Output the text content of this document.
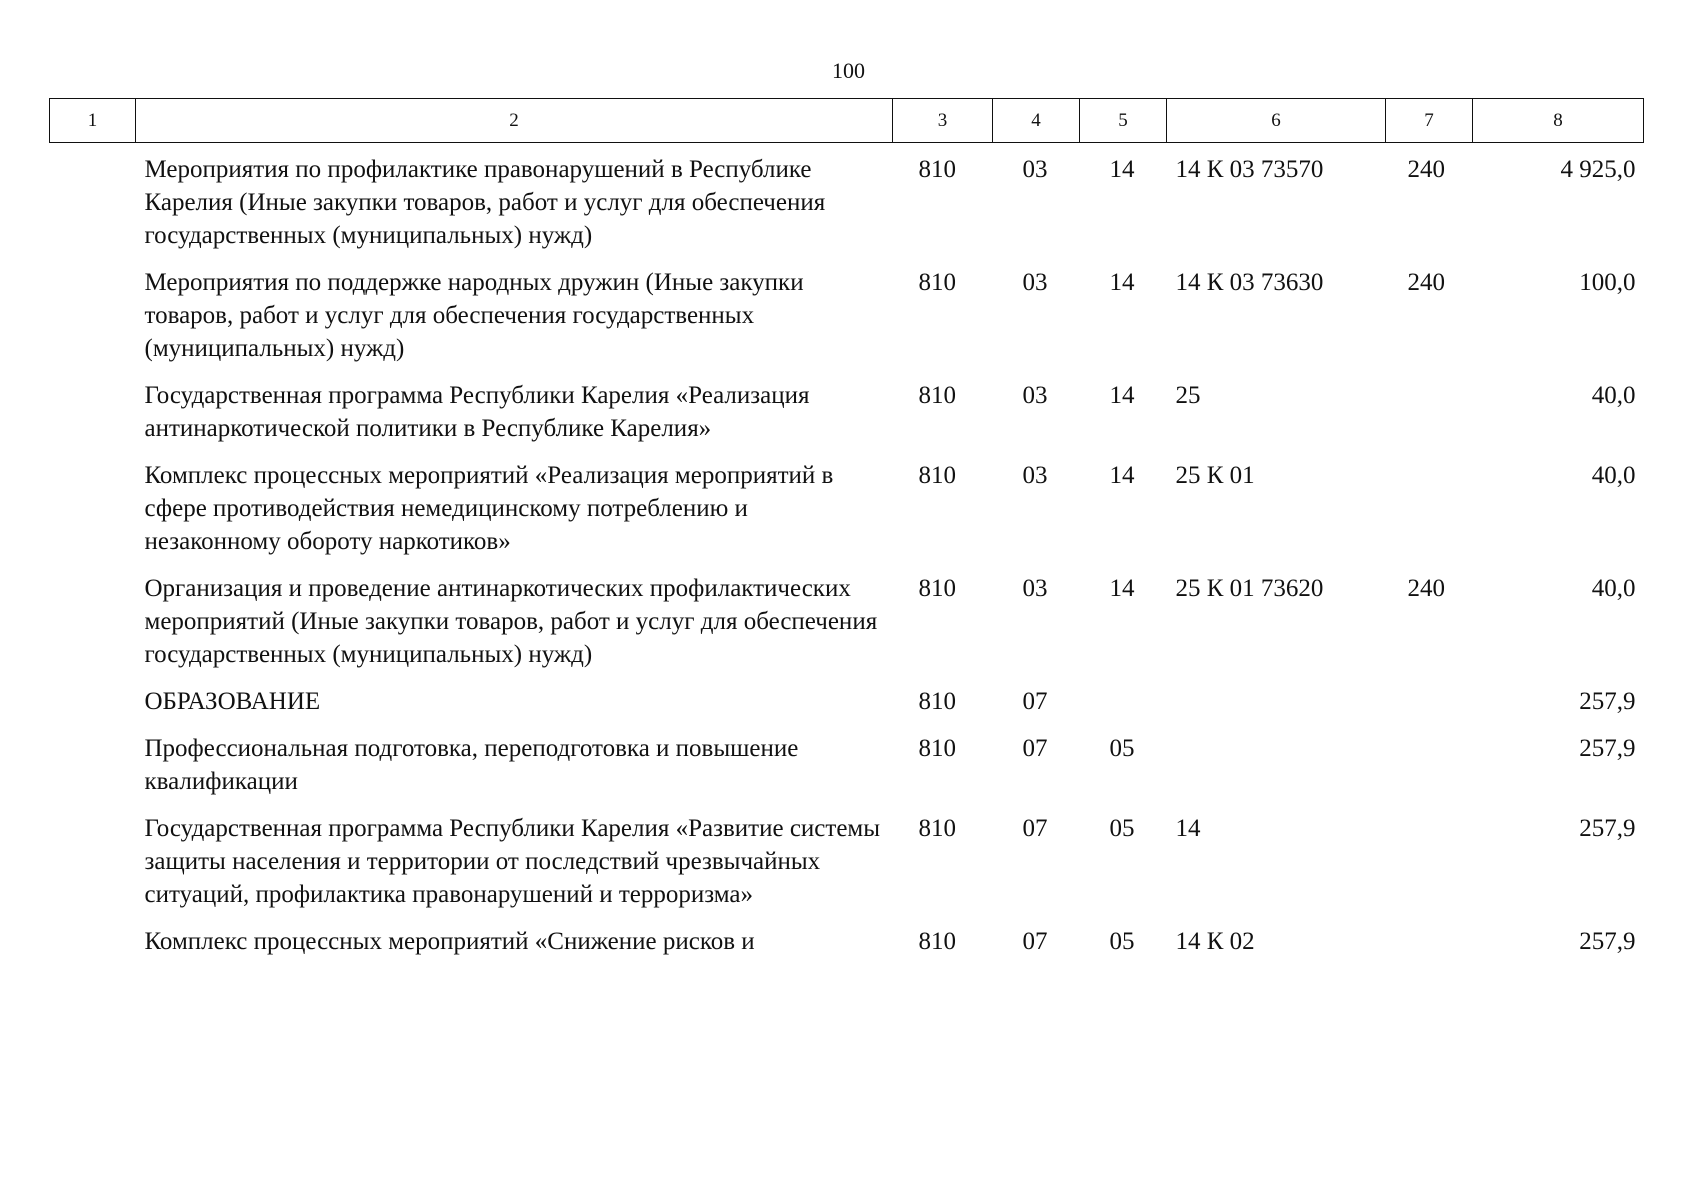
100
1	2	3	4	5	6	7	8
	Мероприятия по профилактике правонарушений в Республике Карелия (Иные закупки товаров, работ и услуг для обеспечения государственных (муниципальных) нужд)	810	03	14	14 К 03 73570	240	4 925,0
	Мероприятия по поддержке народных дружин (Иные закупки товаров, работ и услуг для обеспечения государственных (муниципальных) нужд)	810	03	14	14 К 03 73630	240	100,0
	Государственная программа Республики Карелия «Реализация антинаркотической политики в Республике Карелия»	810	03	14	25		40,0
	Комплекс процессных мероприятий «Реализация мероприятий в сфере противодействия немедицинскому потреблению и незаконному обороту наркотиков»	810	03	14	25 К 01		40,0
	Организация и проведение антинаркотических профилактических мероприятий (Иные закупки товаров, работ и услуг для обеспечения государственных (муниципальных) нужд)	810	03	14	25 К 01 73620	240	40,0
	ОБРАЗОВАНИЕ	810	07				257,9
	Профессиональная подготовка, переподготовка и повышение квалификации	810	07	05			257,9
	Государственная программа Республики Карелия «Развитие системы защиты населения и территории от последствий чрезвычайных ситуаций, профилактика правонарушений и терроризма»	810	07	05	14		257,9
	Комплекс процессных мероприятий «Снижение рисков и	810	07	05	14 К 02		257,9
